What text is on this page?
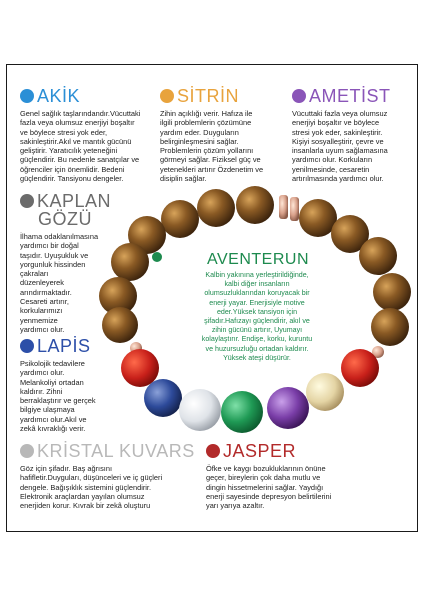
AKİK
Genel sağlık taşlarındandır.Vücuttaki
fazla veya olumsuz enerjiyi boşaltır
ve böylece stresi yok eder,
sakinleştirir.Akıl ve mantık gücünü
geliştirir. Yaratıcılık yeteneğini
güçlendirir. Bu nedenle sanatçılar ve
öğrenciler için önemlidir. Bedeni
güçlendirir. Tansiyonu dengeler.
SİTRİN
Zihin açıklığı verir. Hafıza ile
ilgili problemlerin çözümüne
yardım eder. Duyguların
belirginleşmesini sağlar.
Problemlerin çözüm yollarını
görmeyi sağlar. Fiziksel güç ve
yetenekleri artırır Özdenetim ve
disiplin sağlar.
AMETİST
Vücuttaki fazla veya olumsuz
enerjiyi boşaltır ve böylece
stresi yok eder, sakinleştirir.
Kişiyi sosyalleştirir, çevre ve
insanlarla uyum sağlamasına
yardımcı olur. Korkuların
yenilmesinde, cesaretin
artırılmasında yardımcı olur.
KAPLAN
GÖZÜ
İlhama odaklanılmasına
yardımcı bir doğal
taşıdır. Uyuşukluk ve
yorgunluk hissinden
çakraları
düzenleyerek
arındırmaktadır.
Cesareti artırır,
korkularımızı
yenmemize
yardımcı olur.
LAPİS
Psikolojik tedavilere
yardımcı olur.
Melankoliyi ortadan
kaldırır. Zihni
berraklaştırır ve gerçek
bilgiye ulaşmaya
yardımcı olur.Akıl ve
zekâ kıvraklığı verir.
KRİSTAL KUVARS
Göz için şifadır. Baş ağrısını
hafifletir.Duyguları, düşünceleri ve iç güçleri
dengele. Bağışıklık sistemini güçlendirir.
Elektronik araçlardan yayılan olumsuz
enerjiden korur. Kıvrak bir zekâ oluşturu
JASPER
Öfke ve kaygı bozukluklarının önüne
geçer, bireylerin çok daha mutlu ve
dingin hissetmelerini sağlar. Yaydığı
enerji sayesinde depresyon belirtilerini
yarı yarıya azaltır.
AVENTERUN
Kalbin yakınına yerleştirildiğinde,
kalbi diğer insanların
olumsuzluklarından koruyacak bir
enerji yayar. Enerjisiyle motive
eder.Yüksek tansiyon için
şifadır.Hafızayı güçlendirir, akıl ve
zihin gücünü artırır, Uyumayı
kolaylaştırır. Endişe, korku, kuruntu
ve huzursuzluğu ortadan kaldırır.
Yüksek ateşi düşürür.
